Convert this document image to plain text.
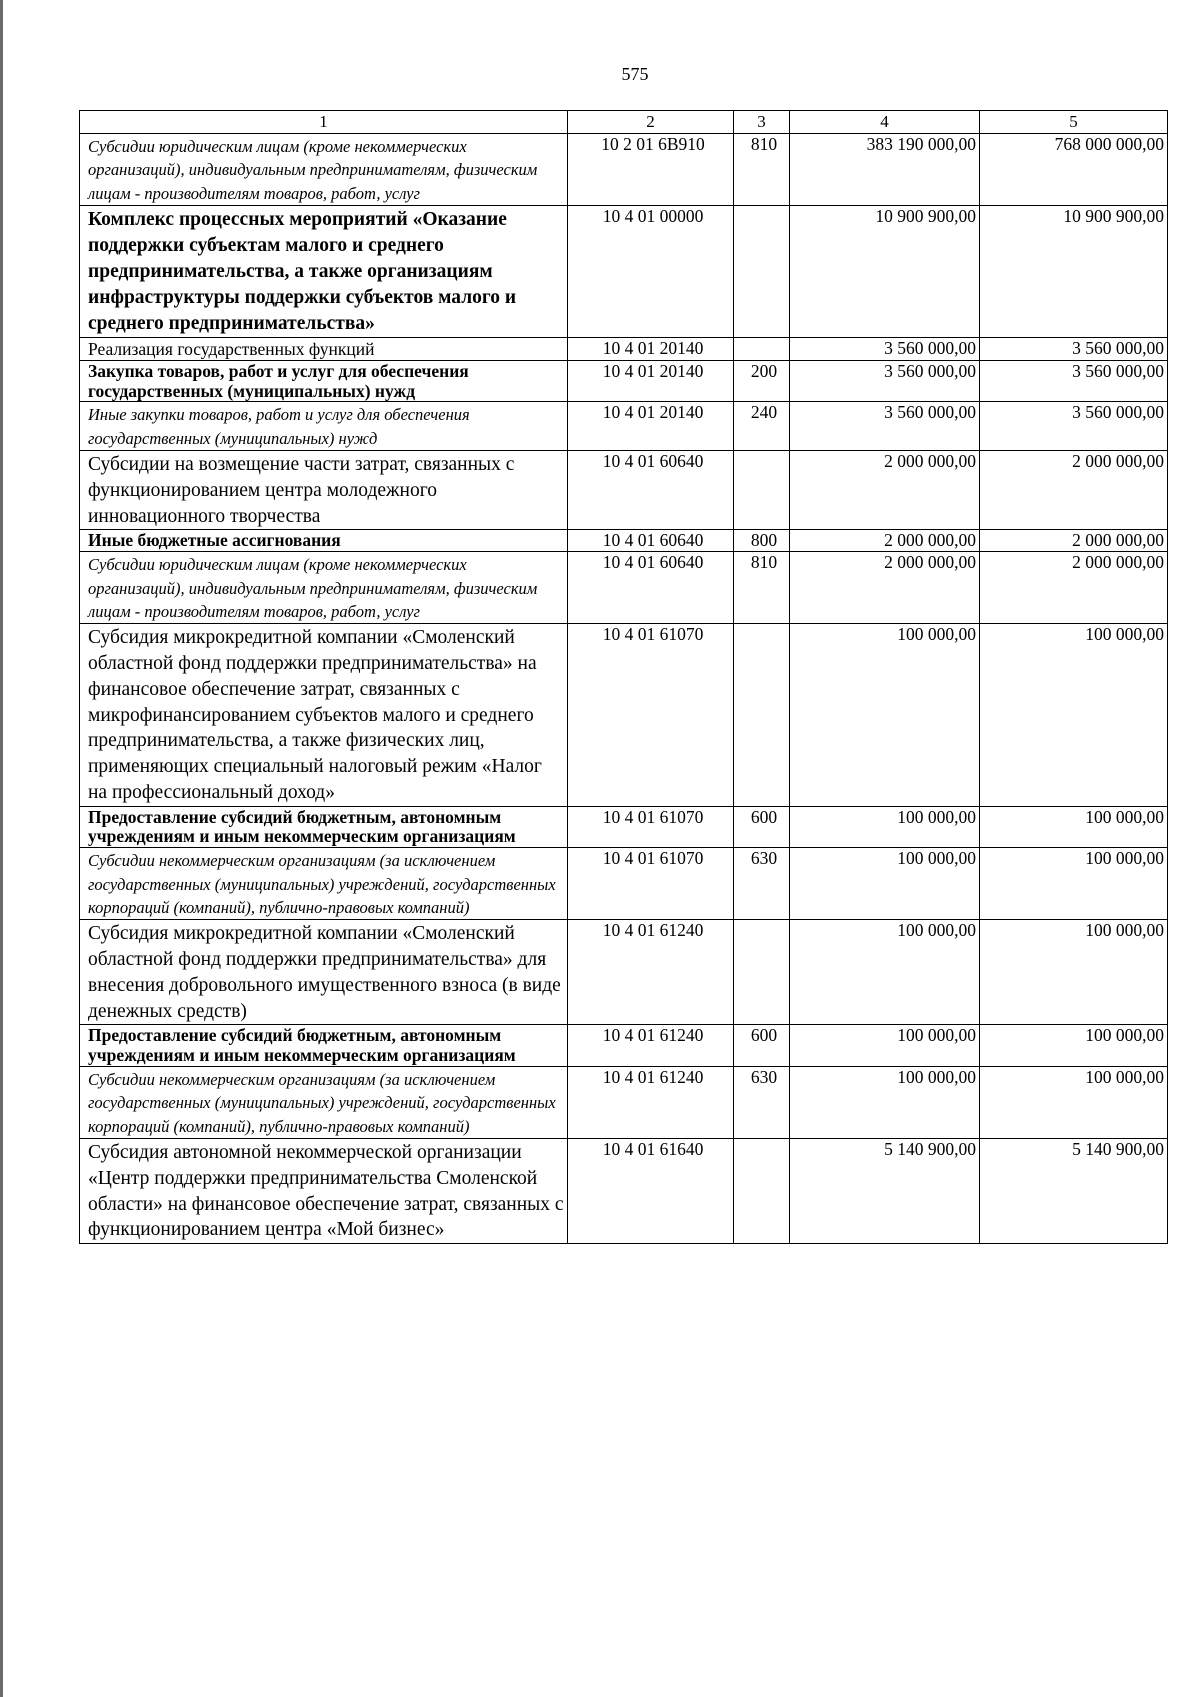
575
1	2	3	4	5
Субсидии юридическим лицам (кроме некоммерческих организаций), индивидуальным предпринимателям, физическим лицам - производителям товаров, работ, услуг	10 2 01 6В910	810	383 190 000,00	768 000 000,00
Комплекс процессных мероприятий «Оказание поддержки субъектам малого и среднего предпринимательства, а также организациям инфраструктуры поддержки субъектов малого и среднего предпринимательства»	10 4 01 00000		10 900 900,00	10 900 900,00
Реализация государственных функций	10 4 01 20140		3 560 000,00	3 560 000,00
Закупка товаров, работ и услуг для обеспечения государственных (муниципальных) нужд	10 4 01 20140	200	3 560 000,00	3 560 000,00
Иные закупки товаров, работ и услуг для обеспечения государственных (муниципальных) нужд	10 4 01 20140	240	3 560 000,00	3 560 000,00
Субсидии на возмещение части затрат, связанных с функционированием центра молодежного инновационного творчества	10 4 01 60640		2 000 000,00	2 000 000,00
Иные бюджетные ассигнования	10 4 01 60640	800	2 000 000,00	2 000 000,00
Субсидии юридическим лицам (кроме некоммерческих организаций), индивидуальным предпринимателям, физическим лицам - производителям товаров, работ, услуг	10 4 01 60640	810	2 000 000,00	2 000 000,00
Субсидия микрокредитной компании «Смоленский областной фонд поддержки предпринимательства» на финансовое обеспечение затрат, связанных с микрофинансированием субъектов малого и среднего предпринимательства, а также физических лиц, применяющих специальный налоговый режим «Налог на профессиональный доход»	10 4 01 61070		100 000,00	100 000,00
Предоставление субсидий бюджетным, автономным учреждениям и иным некоммерческим организациям	10 4 01 61070	600	100 000,00	100 000,00
Субсидии некоммерческим организациям (за исключением государственных (муниципальных) учреждений, государственных корпораций (компаний), публично-правовых компаний)	10 4 01 61070	630	100 000,00	100 000,00
Субсидия микрокредитной компании «Смоленский областной фонд поддержки предпринимательства» для внесения добровольного имущественного взноса (в виде денежных средств)	10 4 01 61240		100 000,00	100 000,00
Предоставление субсидий бюджетным, автономным учреждениям и иным некоммерческим организациям	10 4 01 61240	600	100 000,00	100 000,00
Субсидии некоммерческим организациям (за исключением государственных (муниципальных) учреждений, государственных корпораций (компаний), публично-правовых компаний)	10 4 01 61240	630	100 000,00	100 000,00
Субсидия автономной некоммерческой организации «Центр поддержки предпринимательства Смоленской области» на финансовое обеспечение затрат, связанных с функционированием центра «Мой бизнес»	10 4 01 61640		5 140 900,00	5 140 900,00
